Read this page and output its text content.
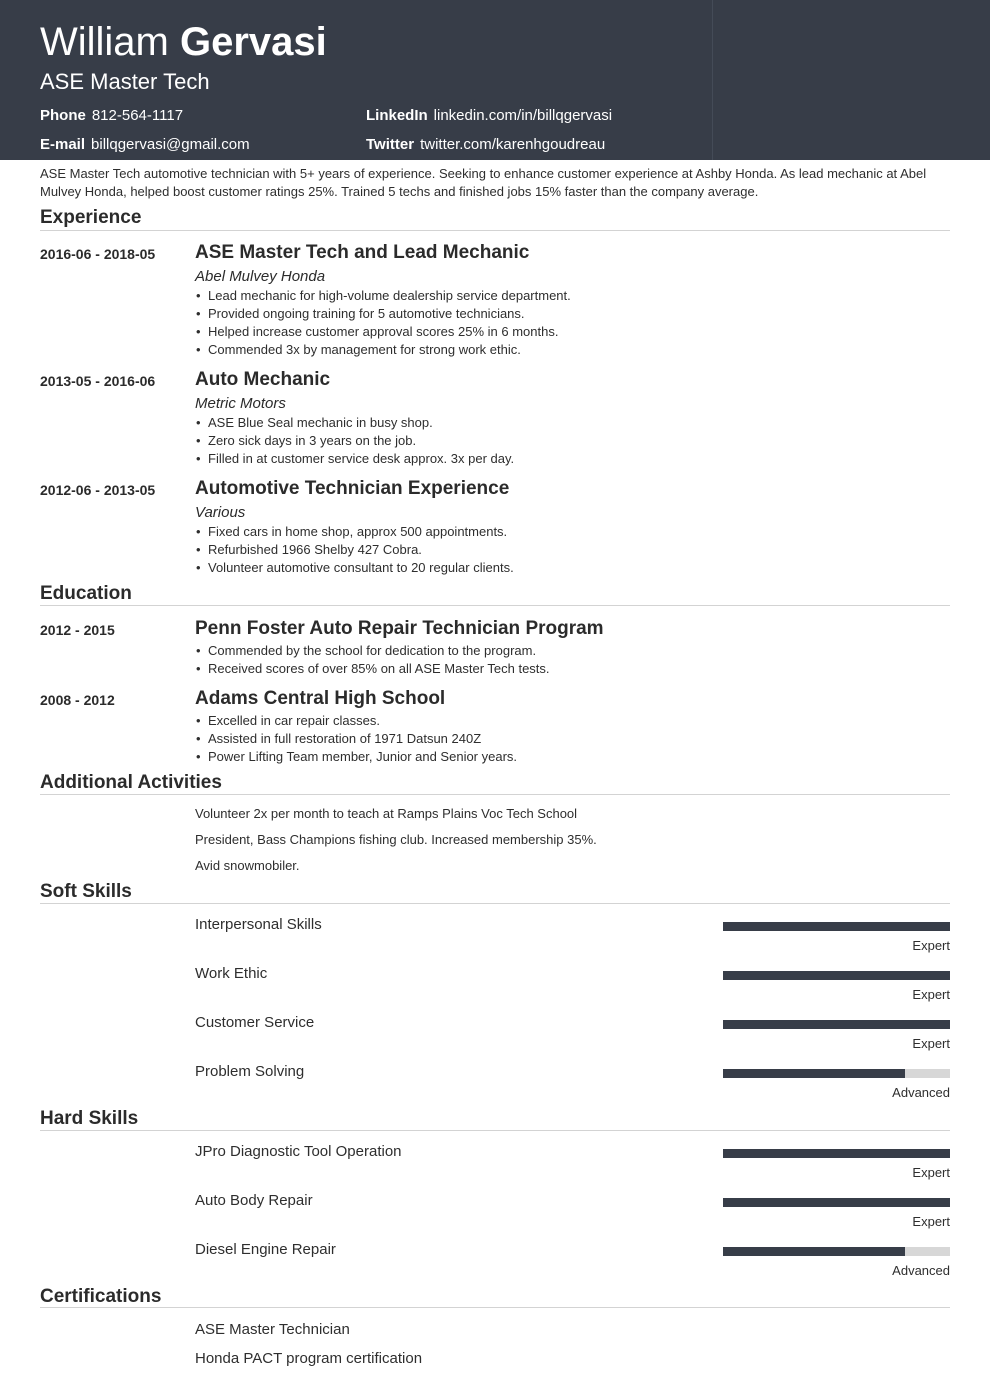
William Gervasi
ASE Master Tech
Phone 812-564-1117
E-mail billqgervasi@gmail.com
LinkedIn linkedin.com/in/billqgervasi
Twitter twitter.com/karenhgoudreau
ASE Master Tech automotive technician with 5+ years of experience. Seeking to enhance customer experience at Ashby Honda. As lead mechanic at Abel Mulvey Honda, helped boost customer ratings 25%. Trained 5 techs and finished jobs 15% faster than the company average.
Experience
2016-06 - 2018-05 ASE Master Tech and Lead Mechanic
Abel Mulvey Honda
• Lead mechanic for high-volume dealership service department.
• Provided ongoing training for 5 automotive technicians.
• Helped increase customer approval scores 25% in 6 months.
• Commended 3x by management for strong work ethic.
2013-05 - 2016-06 Auto Mechanic
Metric Motors
• ASE Blue Seal mechanic in busy shop.
• Zero sick days in 3 years on the job.
• Filled in at customer service desk approx. 3x per day.
2012-06 - 2013-05 Automotive Technician Experience
Various
• Fixed cars in home shop, approx 500 appointments.
• Refurbished 1966 Shelby 427 Cobra.
• Volunteer automotive consultant to 20 regular clients.
Education
2012 - 2015	Penn Foster Auto Repair Technician Program
• Commended by the school for dedication to the program.
• Received scores of over 85% on all ASE Master Tech tests.
2008 - 2012	Adams Central High School
• Excelled in car repair classes.
• Assisted in full restoration of 1971 Datsun 240Z
• Power Lifting Team member, Junior and Senior years.
Additional Activities
Volunteer 2x per month to teach at Ramps Plains Voc Tech School
President, Bass Champions fishing club. Increased membership 35%.
Avid snowmobiler.
Soft Skills
Interpersonal Skills
Expert
Work Ethic
Expert
Customer Service
Expert
Problem Solving
Advanced
Hard Skills
JPro Diagnostic Tool Operation
Expert
Auto Body Repair
Expert
Diesel Engine Repair
Advanced
Certifications
ASE Master Technician
Honda PACT program certification
